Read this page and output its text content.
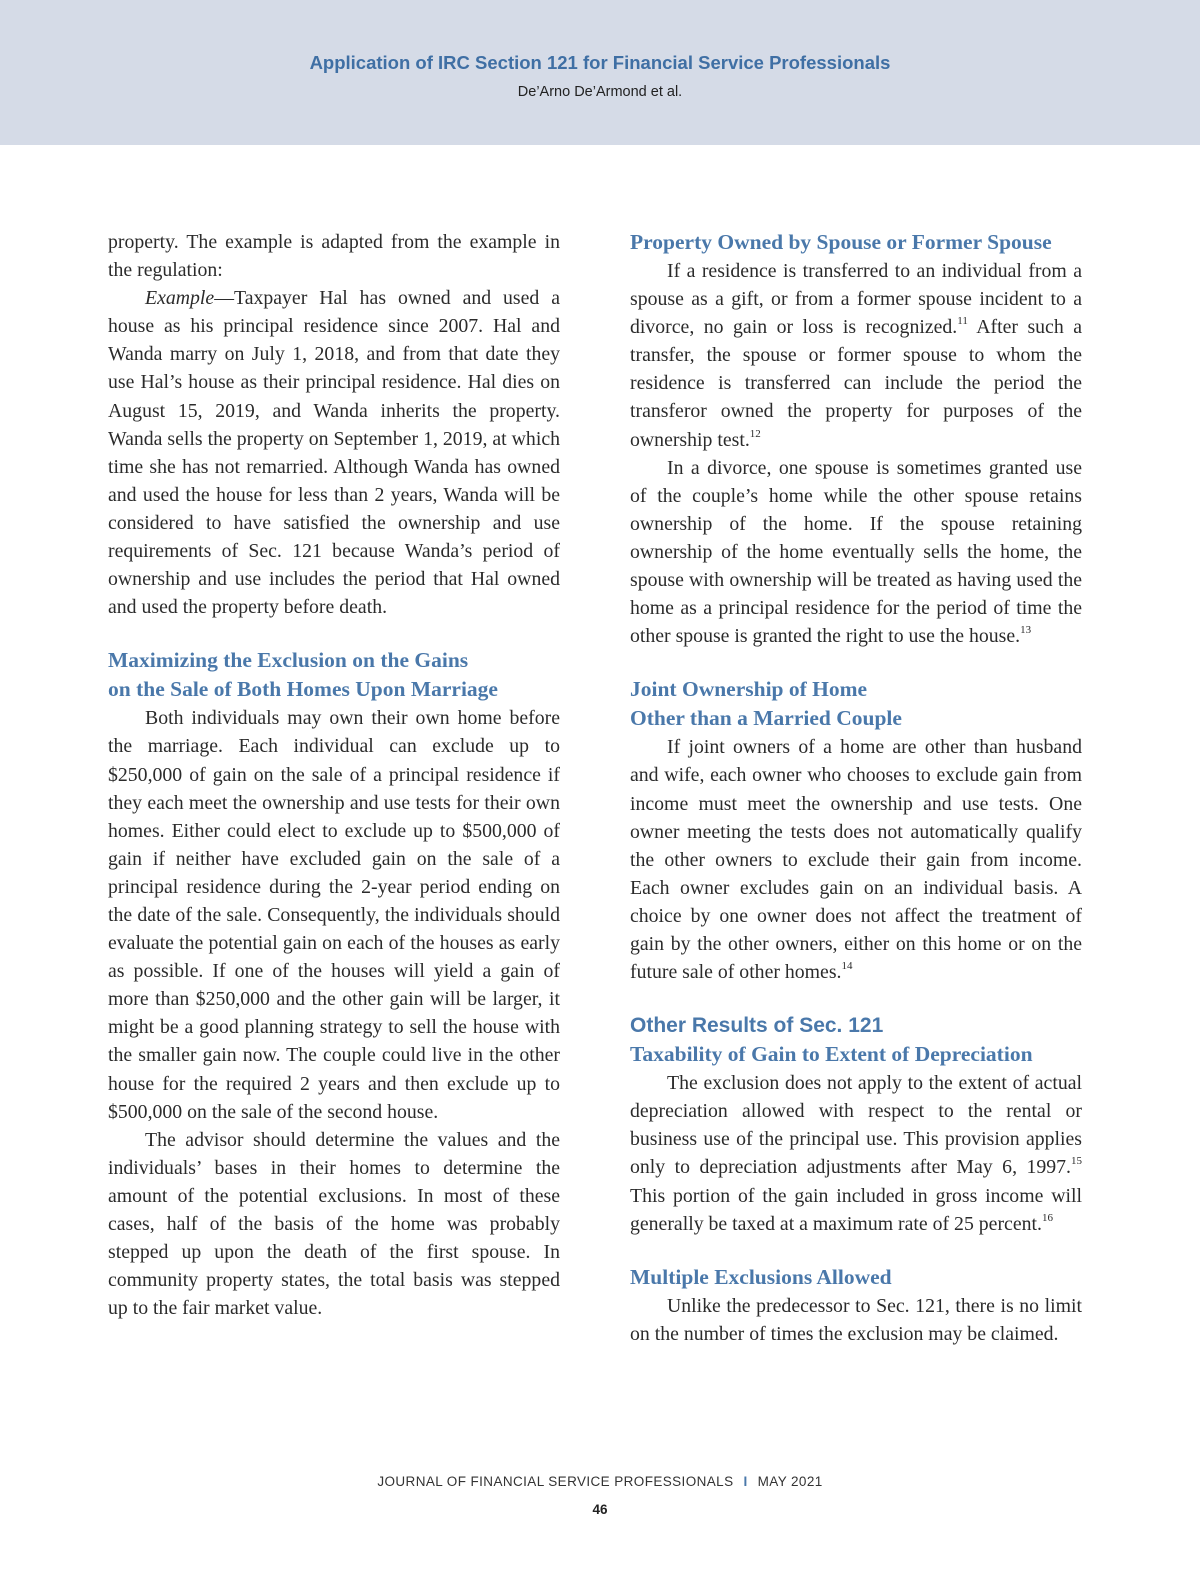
Application of IRC Section 121 for Financial Service Professionals
De’Arno De’Armond et al.

property. The example is adapted from the example in the regulation:

Example—Taxpayer Hal has owned and used a house as his principal residence since 2007. Hal and Wanda marry on July 1, 2018, and from that date they use Hal’s house as their principal residence. Hal dies on August 15, 2019, and Wanda inherits the property. Wanda sells the property on September 1, 2019, at which time she has not remarried. Although Wanda has owned and used the house for less than 2 years, Wanda will be considered to have satisfied the ownership and use requirements of Sec. 121 because Wanda’s period of ownership and use includes the period that Hal owned and used the property before death.

Maximizing the Exclusion on the Gains
on the Sale of Both Homes Upon Marriage

Both individuals may own their own home before the marriage. Each individual can exclude up to $250,000 of gain on the sale of a principal residence if they each meet the ownership and use tests for their own homes. Either could elect to exclude up to $500,000 of gain if neither have excluded gain on the sale of a principal residence during the 2-year period ending on the date of the sale. Consequently, the individuals should evaluate the potential gain on each of the houses as early as possible. If one of the houses will yield a gain of more than $250,000 and the other gain will be larger, it might be a good planning strategy to sell the house with the smaller gain now. The couple could live in the other house for the required 2 years and then exclude up to $500,000 on the sale of the second house.

The advisor should determine the values and the individuals’ bases in their homes to determine the amount of the potential exclusions. In most of these cases, half of the basis of the home was probably stepped up upon the death of the first spouse. In community property states, the total basis was stepped up to the fair market value.

Property Owned by Spouse or Former Spouse

If a residence is transferred to an individual from a spouse as a gift, or from a former spouse incident to a divorce, no gain or loss is recognized.$^{11}$ After such a transfer, the spouse or former spouse to whom the residence is transferred can include the period the transferor owned the property for purposes of the ownership test.$^{12}$

In a divorce, one spouse is sometimes granted use of the couple’s home while the other spouse retains ownership of the home. If the spouse retaining ownership of the home eventually sells the home, the spouse with ownership will be treated as having used the home as a principal residence for the period of time the other spouse is granted the right to use the house.$^{13}$

Joint Ownership of Home
Other than a Married Couple

If joint owners of a home are other than husband and wife, each owner who chooses to exclude gain from income must meet the ownership and use tests. One owner meeting the tests does not automatically qualify the other owners to exclude their gain from income. Each owner excludes gain on an individual basis. A choice by one owner does not affect the treatment of gain by the other owners, either on this home or on the future sale of other homes.$^{14}$

Other Results of Sec. 121
Taxability of Gain to Extent of Depreciation

The exclusion does not apply to the extent of actual depreciation allowed with respect to the rental or business use of the principal use. This provision applies only to depreciation adjustments after May 6, 1997.15 This portion of the gain included in gross income will generally be taxed at a maximum rate of 25 percent.$^{16}$

Multiple Exclusions Allowed

Unlike the predecessor to Sec. 121, there is no limit on the number of times the exclusion may be claimed.

JOURNAL OF FINANCIAL SERVICE PROFESSIONALS I MAY 2021
46
